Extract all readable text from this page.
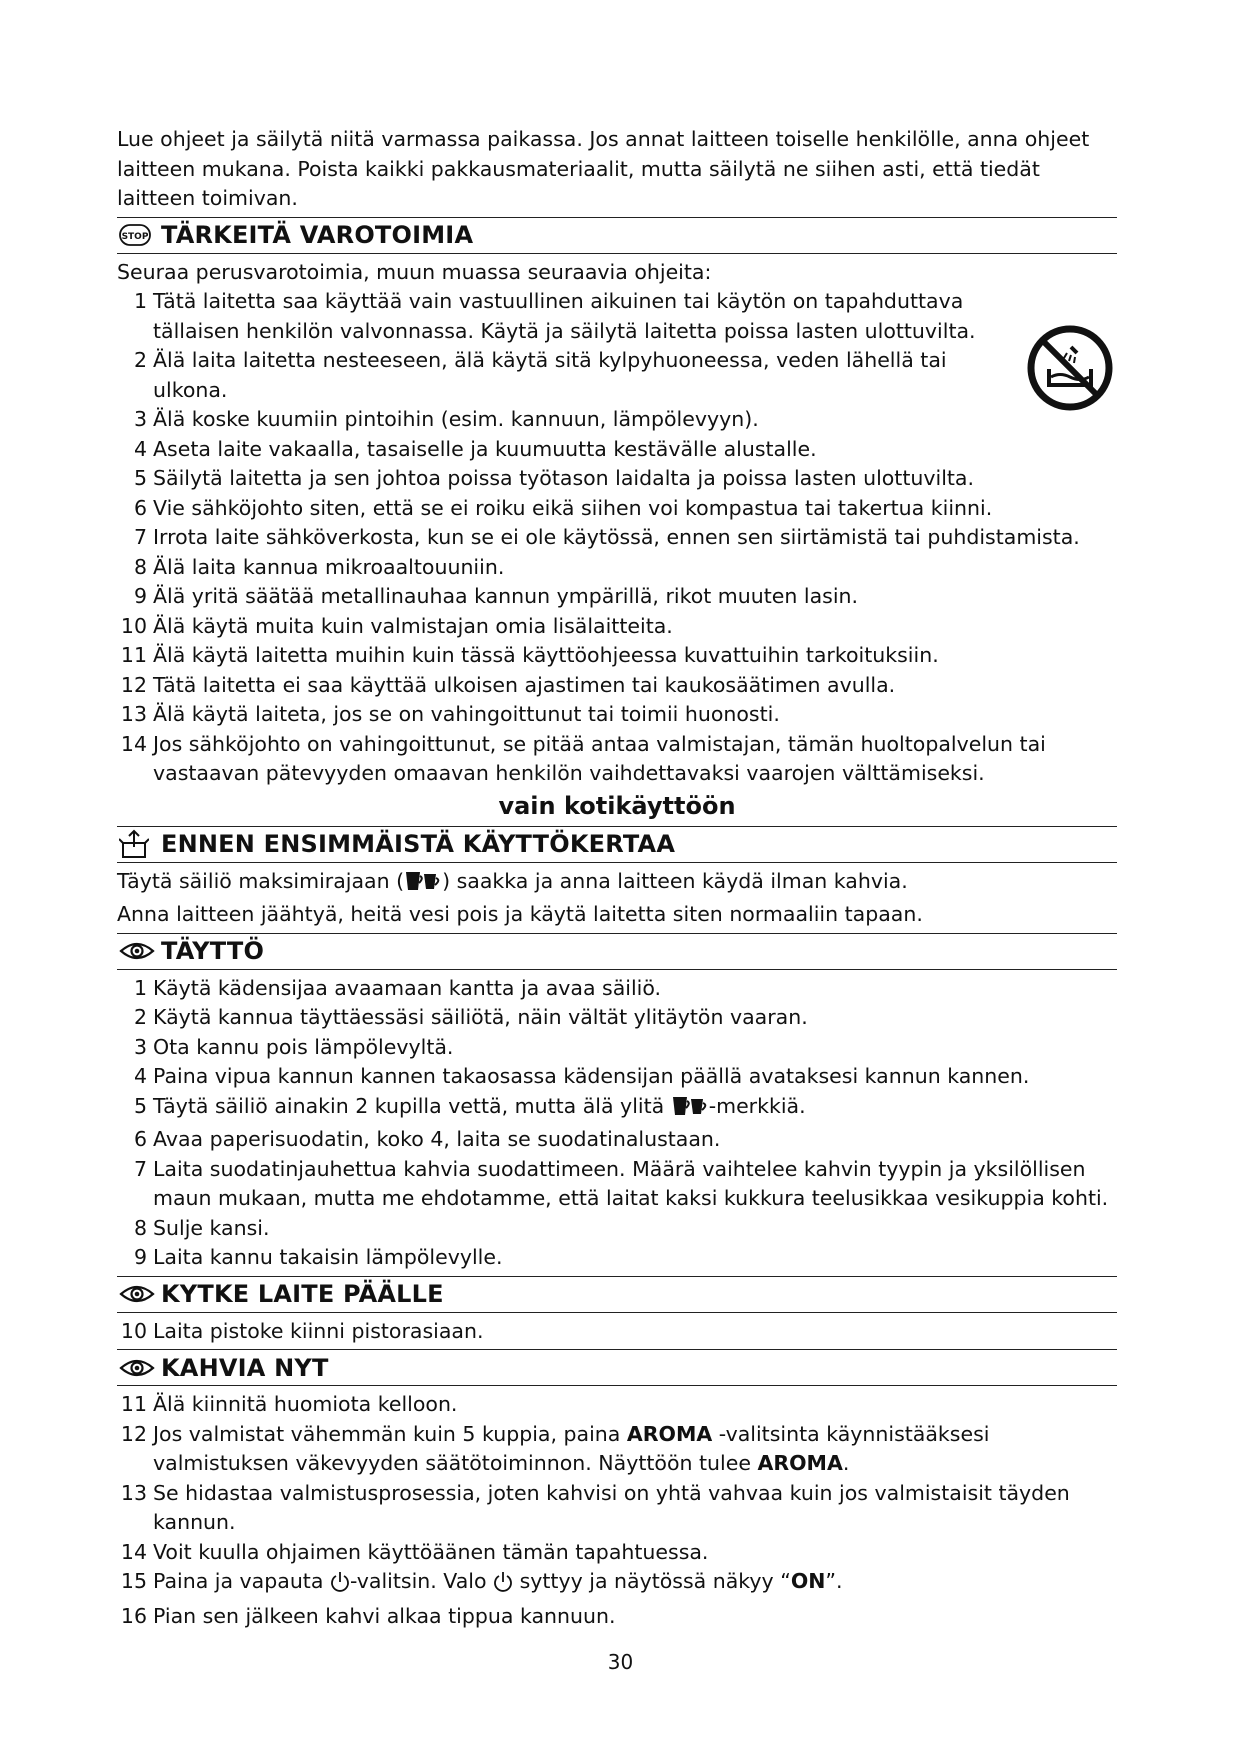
Lue ohjeet ja säilytä niitä varmassa paikassa. Jos annat laitteen toiselle henkilölle, anna ohjeet laitteen mukana. Poista kaikki pakkausmateriaalit, mutta säilytä ne siihen asti, että tiedät laitteen toimivan.

STOP TÄRKEITÄ VAROTOIMIA

Seuraa perusvarotoimia, muun muassa seuraavia ohjeita:

1 Tätä laitetta saa käyttää vain vastuullinen aikuinen tai käytön on tapahduttava tällaisen henkilön valvonnassa. Käytä ja säilytä laitetta poissa lasten ulottuvilta.
2 Älä laita laitetta nesteeseen, älä käytä sitä kylpyhuoneessa, veden lähellä tai ulkona.
3 Älä koske kuumiin pintoihin (esim. kannuun, lämpölevyyn).
4 Aseta laite vakaalla, tasaiselle ja kuumuutta kestävälle alustalle.
5 Säilytä laitetta ja sen johtoa poissa työtason laidalta ja poissa lasten ulottuvilta.
6 Vie sähköjohto siten, että se ei roiku eikä siihen voi kompastua tai takertua kiinni.
7 Irrota laite sähköverkosta, kun se ei ole käytössä, ennen sen siirtämistä tai puhdistamista.
8 Älä laita kannua mikroaaltouuniin.
9 Älä yritä säätää metallinauhaa kannun ympärillä, rikot muuten lasin.
10 Älä käytä muita kuin valmistajan omia lisälaitteita.
11 Älä käytä laitetta muihin kuin tässä käyttöohjeessa kuvattuihin tarkoituksiin.
12 Tätä laitetta ei saa käyttää ulkoisen ajastimen tai kaukosäätimen avulla.
13 Älä käytä laiteta, jos se on vahingoittunut tai toimii huonosti.
14 Jos sähköjohto on vahingoittunut, se pitää antaa valmistajan, tämän huoltopalvelun tai vastaavan pätevyyden omaavan henkilön vaihdettavaksi vaarojen välttämiseksi.

vain kotikäyttöön

ENNEN ENSIMMÄISTÄ KÄYTTÖKERTAA

Täytä säiliö maksimirajaan ( ) saakka ja anna laitteen käydä ilman kahvia.

Anna laitteen jäähtyä, heitä vesi pois ja käytä laitetta siten normaaliin tapaan.

TÄYTTÖ
1 Käytä kädensijaa avaamaan kantta ja avaa säiliö.
2 Käytä kannua täyttäessäsi säiliötä, näin vältät ylitäytön vaaran.
3 Ota kannu pois lämpölevyltä.
4 Paina vipua kannun kannen takaosassa kädensijan päällä avataksesi kannun kannen.
5 Täytä säiliö ainakin 2 kupilla vettä, mutta älä ylitä -merkkiä.
6 Avaa paperisuodatin, koko 4, laita se suodatinalustaan.
7 Laita suodatinjauhettua kahvia suodattimeen. Määrä vaihtelee kahvin tyypin ja yksilöllisen maun mukaan, mutta me ehdotamme, että laitat kaksi kukkura teelusikkaa vesikuppia kohti.
8 Sulje kansi.
9 Laita kannu takaisin lämpölevylle.
KYTKE LAITE PÄÄLLE
10 Laita pistoke kiinni pistorasiaan.
KAHVIA NYT
11 Älä kiinnitä huomiota kelloon.
12 Jos valmistat vähemmän kuin 5 kuppia, paina AROMA -valitsinta käynnistääksesi valmistuksen väkevyyden säätötoiminnon. Näyttöön tulee AROMA.
13 Se hidastaa valmistusprosessia, joten kahvisi on yhtä vahvaa kuin jos valmistaisit täyden kannun.
14 Voit kuulla ohjaimen käyttöäänen tämän tapahtuessa.
15 Paina ja vapauta -valitsin. Valo  syttyy ja näytössä näkyy “ON”.
16 Pian sen jälkeen kahvi alkaa tippua kannuun.
30
